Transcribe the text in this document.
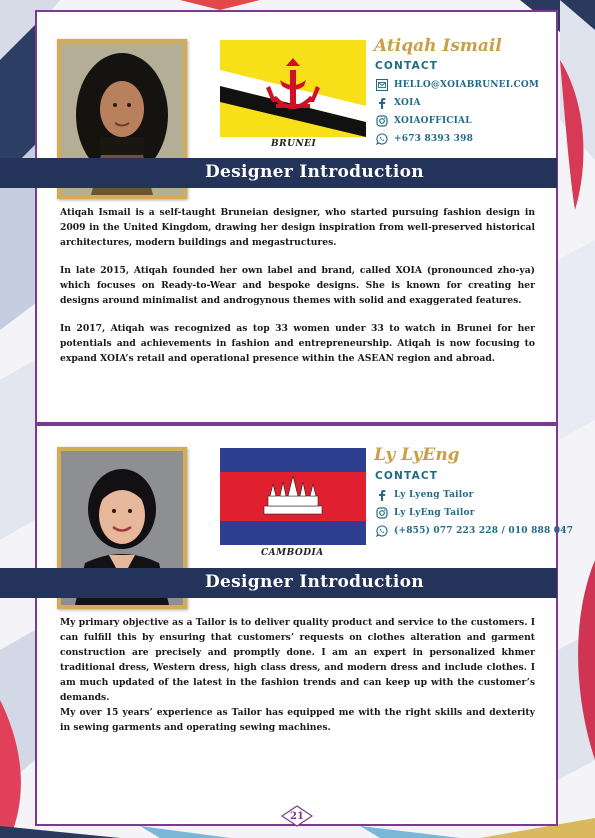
BRUNEI
Atiqah Ismail
CONTACT
HELLO@XOIABRUNEI.COM
XOIA
XOIAOFFICIAL
+673 8393 398
Designer Introduction

Atiqah Ismail is a self-taught Bruneian designer, who started pursuing fashion design in 2009 in the United Kingdom, drawing her design inspiration from well-preserved historical architectures, modern buildings and megastructures.

In late 2015, Atiqah founded her own label and brand, called XOIA (pronounced zho-ya) which focuses on Ready-to-Wear and bespoke designs. She is known for creating her designs around minimalist and androgynous themes with solid and exaggerated features.

In 2017, Atiqah was recognized as top 33 women under 33 to watch in Brunei for her potentials and achievements in fashion and entrepreneurship. Atiqah is now focusing to expand XOIA’s retail and operational presence within the ASEAN region and abroad.

CAMBODIA
Ly LyEng
CONTACT
Ly Lyeng Tailor
Ly LyEng Tailor
(+855) 077 223 228 / 010 888 047
Designer Introduction

My primary objective as a Tailor is to deliver quality product and service to the customers. I can fulfill this by ensuring that customers’ requests on clothes alteration and garment construction are precisely and promptly done. I am an expert in personalized khmer traditional dress, Western dress, high class dress, and modern dress and include clothes. I am much updated of the latest in the fashion trends and can keep up with the customer’s demands.

My over 15 years’ experience as Tailor has equipped me with the right skills and dexterity in sewing garments and operating sewing machines.

21
